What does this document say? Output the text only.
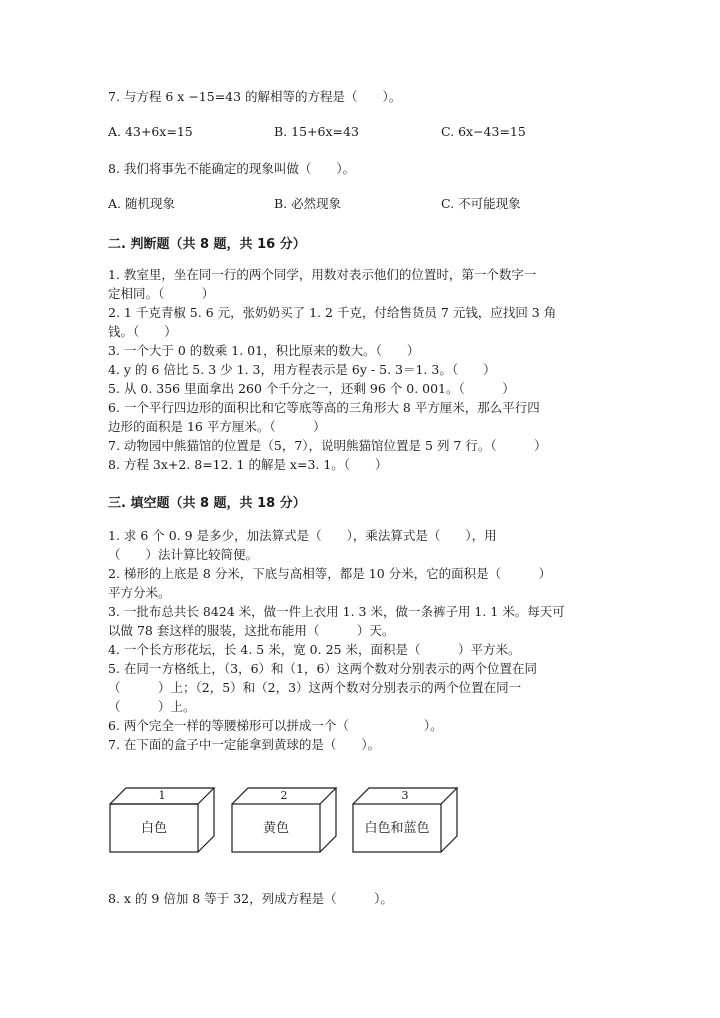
7. 与方程 6 x −15=43 的解相等的方程是（　　）。
A. 43+6x=15	B. 15+6x=43	C. 6x−43=15
8. 我们将事先不能确定的现象叫做（　　）。
A. 随机现象	B. 必然现象	C. 不可能现象
二. 判断题（共 8 题，共 16 分）
1. 教室里，坐在同一行的两个同学，用数对表示他们的位置时，第一个数字一
定相同。（　　　）
2. 1 千克青椒 5. 6 元，张奶奶买了 1. 2 千克，付给售货员 7 元钱，应找回 3 角
钱。（　　）
3. 一个大于 0 的数乘 1. 01，积比原来的数大。（　　）
4. y 的 6 倍比 5. 3 少 1. 3，用方程表示是 6y - 5. 3＝1. 3。（　　）
5. 从 0. 356 里面拿出 260 个千分之一，还剩 96 个 0. 001。（　　　）
6. 一个平行四边形的面积比和它等底等高的三角形大 8 平方厘米，那么平行四
边形的面积是 16 平方厘米。（　　　）
7. 动物园中熊猫馆的位置是（5，7），说明熊猫馆位置是 5 列 7 行。（　　　）
8. 方程 3x+2. 8=12. 1 的解是 x=3. 1。（　　）
三. 填空题（共 8 题，共 18 分）
1. 求 6 个 0. 9 是多少，加法算式是（　　），乘法算式是（　　），用
（　　）法计算比较简便。
2. 梯形的上底是 8 分米，下底与高相等，都是 10 分米，它的面积是（　　　）
平方分米。
3. 一批布总共长 8424 米，做一件上衣用 1. 3 米，做一条裤子用 1. 1 米。每天可
以做 78 套这样的服装，这批布能用（　　　）天。
4. 一个长方形花坛，长 4. 5 米，宽 0. 25 米，面积是（　　　）平方米。
5. 在同一方格纸上，（3，6）和（1，6）这两个数对分别表示的两个位置在同
（　　　）上；（2，5）和（2，3）这两个数对分别表示的两个位置在同一
（　　　）上。
6. 两个完全一样的等腰梯形可以拼成一个（　　　　　　）。
7. 在下面的盒子中一定能拿到黄球的是（　　）。
1
白色
2
黄色
3
白色和蓝色
8. x 的 9 倍加 8 等于 32，列成方程是（　　　）。
